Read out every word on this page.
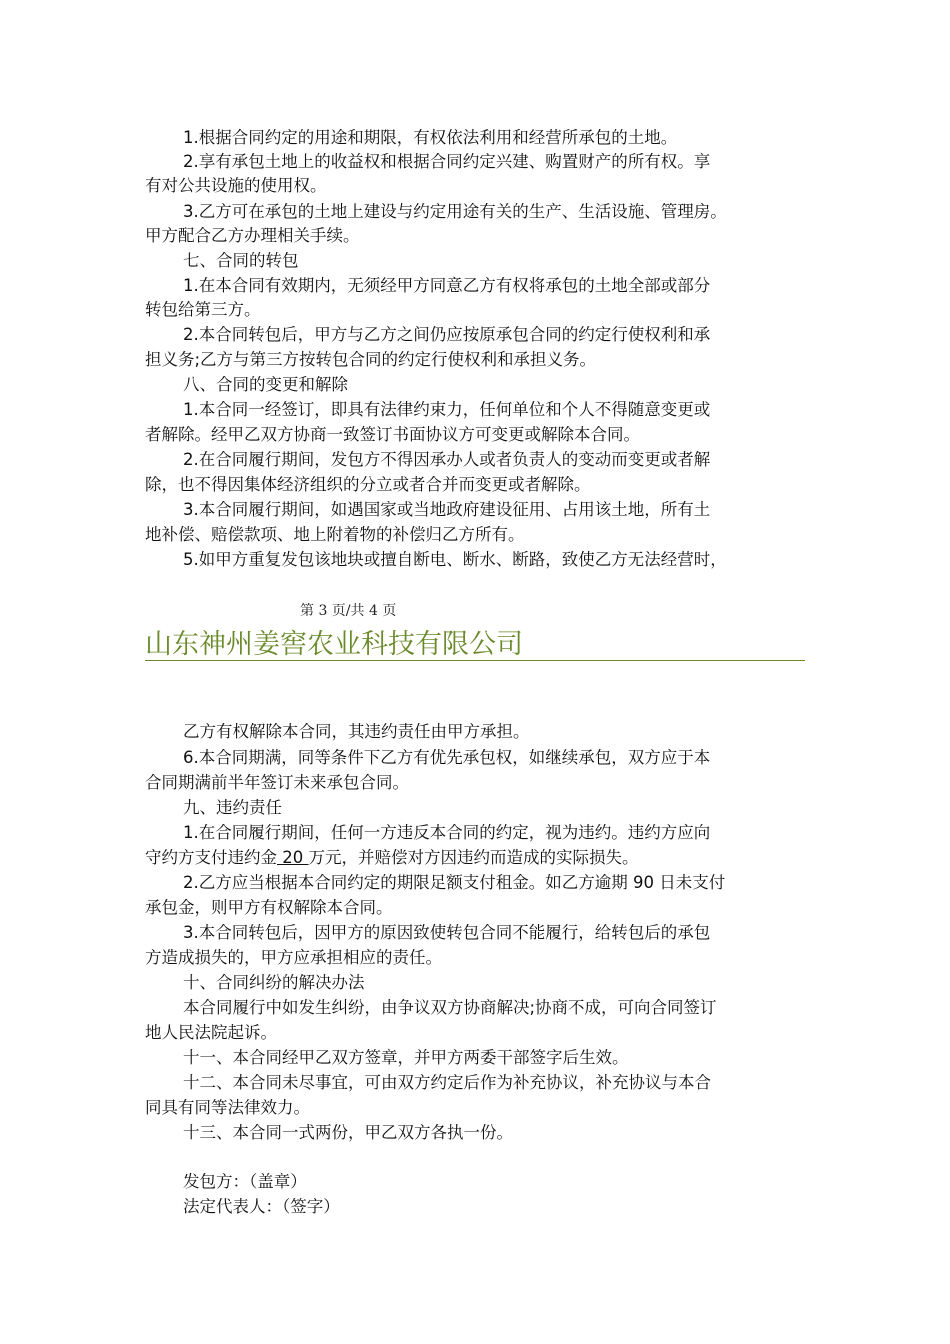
1.根据合同约定的用途和期限，有权依法利用和经营所承包的土地。
2.享有承包土地上的收益权和根据合同约定兴建、购置财产的所有权。享
有对公共设施的使用权。
3.乙方可在承包的土地上建设与约定用途有关的生产、生活设施、管理房。
甲方配合乙方办理相关手续。
七、合同的转包
1.在本合同有效期内，无须经甲方同意乙方有权将承包的土地全部或部分
转包给第三方。
2.本合同转包后，甲方与乙方之间仍应按原承包合同的约定行使权利和承
担义务;乙方与第三方按转包合同的约定行使权利和承担义务。
八、合同的变更和解除
1.本合同一经签订，即具有法律约束力，任何单位和个人不得随意变更或
者解除。经甲乙双方协商一致签订书面协议方可变更或解除本合同。
2.在合同履行期间，发包方不得因承办人或者负责人的变动而变更或者解
除，也不得因集体经济组织的分立或者合并而变更或者解除。
3.本合同履行期间，如遇国家或当地政府建设征用、占用该土地，所有土
地补偿、赔偿款项、地上附着物的补偿归乙方所有。
5.如甲方重复发包该地块或擅自断电、断水、断路，致使乙方无法经营时，
第 3 页/共 4 页
山东神州姜窖农业科技有限公司
乙方有权解除本合同，其违约责任由甲方承担。
6.本合同期满，同等条件下乙方有优先承包权，如继续承包，双方应于本
合同期满前半年签订未来承包合同。
九、违约责任
1.在合同履行期间，任何一方违反本合同的约定，视为违约。违约方应向
守约方支付违约金 20 万元，并赔偿对方因违约而造成的实际损失。
2.乙方应当根据本合同约定的期限足额支付租金。如乙方逾期 90 日未支付
承包金，则甲方有权解除本合同。
3.本合同转包后，因甲方的原因致使转包合同不能履行，给转包后的承包
方造成损失的，甲方应承担相应的责任。
十、合同纠纷的解决办法
本合同履行中如发生纠纷，由争议双方协商解决;协商不成，可向合同签订
地人民法院起诉。
十一、本合同经甲乙双方签章，并甲方两委干部签字后生效。
十二、本合同未尽事宜，可由双方约定后作为补充协议，补充协议与本合
同具有同等法律效力。
十三、本合同一式两份，甲乙双方各执一份。
发包方：（盖章）
法定代表人：（签字）
